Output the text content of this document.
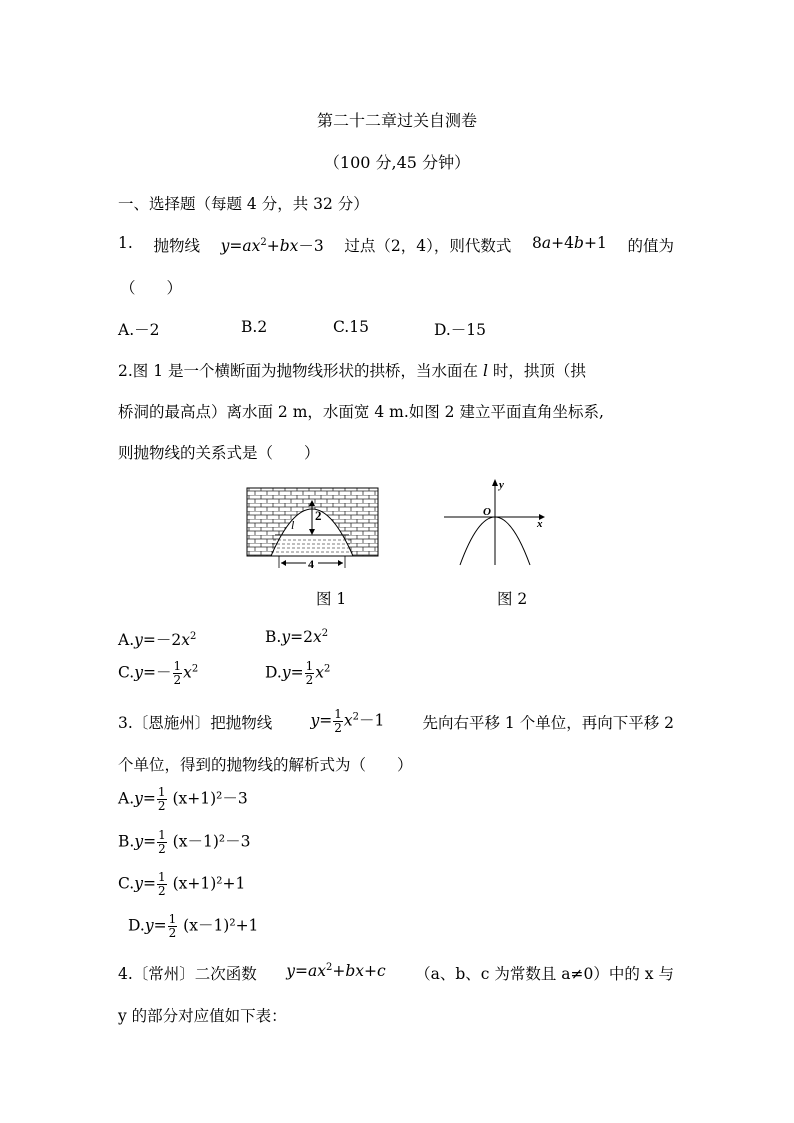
第二十二章过关自测卷
（100 分,45 分钟）
一、选择题（每题 4 分，共 32 分）
1. 抛物线 $y=ax^2+bx-3$ 过点（2，4），则代数式 8a+4b+1 的值为
（　　）
A.－2	B.2	C.15	D.－15
2.图 1 是一个横断面为抛物线形状的拱桥，当水面在 l 时，拱顶（拱
桥洞的最高点）离水面 2 m，水面宽 4 m.如图 2 建立平面直角坐标系,
则抛物线的关系式是（　　）
2
l
4
x
y
O
图 1	图 2
$A.y=-2x^2$	$B.y=2x^2$
$C.y=- \frac{1}{2} x^2$	$D.y= \frac{1}{2} x^2$
3.〔恩施州〕把抛物线 $y= \frac{1}{2} x^2-1$ 先向右平移 1 个单位，再向下平移 2
个单位，得到的抛物线的解析式为（　　）
$A.y= \frac{1}{2} (x+1)^2-3$
$B.y= \frac{1}{2} (x-1)^2-3$
$C.y= \frac{1}{2} (x+1)^2+1$
$D.y= \frac{1}{2} (x-1)^2+1$
4.〔常州〕二次函数 $y=ax^2+bx+c$ （a、b、c 为常数且 a≠0）中的 x 与
y 的部分对应值如下表：
